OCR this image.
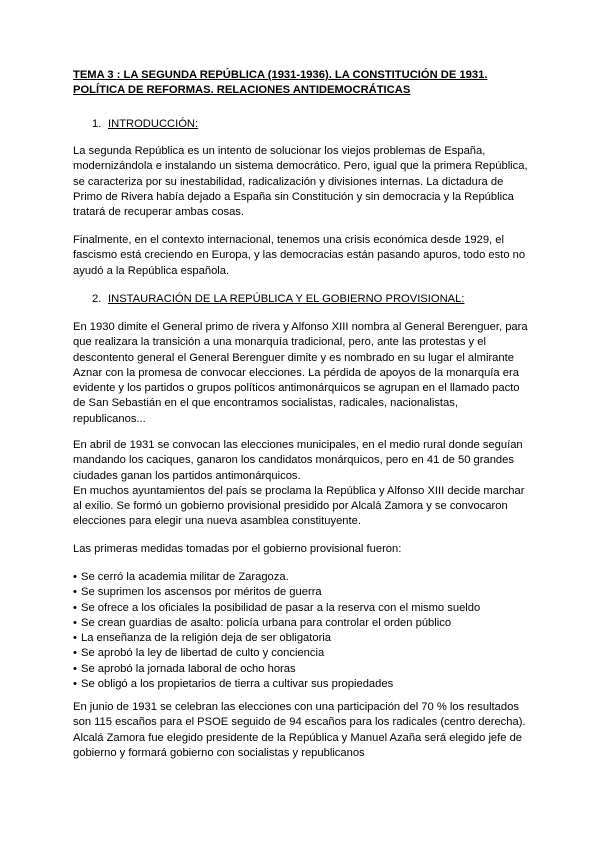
TEMA 3 : LA SEGUNDA REPÚBLICA (1931-1936). LA CONSTITUCIÓN DE 1931.
POLÍTICA DE REFORMAS. RELACIONES ANTIDEMOCRÁTICAS
1. INTRODUCCIÓN:

La segunda República es un intento de solucionar los viejos problemas de España,
modernizándola e instalando un sistema democrático. Pero, igual que la primera República,
se caracteriza por su inestabilidad, radicalización y divisiones internas. La dictadura de
Primo de Rivera había dejado a España sin Constitución y sin democracia y la República
tratará de recuperar ambas cosas.

Finalmente, en el contexto internacional, tenemos una crisis económica desde 1929, el
fascismo está creciendo en Europa, y las democracias están pasando apuros, todo esto no
ayudó a la República española.

2. INSTAURACIÓN DE LA REPÚBLICA Y EL GOBIERNO PROVISIONAL:

En 1930 dimite el General primo de rivera y Alfonso XIII nombra al General Berenguer, para
que realizara la transición a una monarquía tradicional, pero, ante las protestas y el
descontento general el General Berenguer dimite y es nombrado en su lugar el almirante
Aznar con la promesa de convocar elecciones. La pérdida de apoyos de la monarquía era
evidente y los partidos o grupos políticos antimonárquicos se agrupan en el llamado pacto
de San Sebastián en el que encontramos socialistas, radicales, nacionalistas,
republicanos...

En abril de 1931 se convocan las elecciones municipales, en el medio rural donde seguían
mandando los caciques, ganaron los candidatos monárquicos, pero en 41 de 50 grandes
ciudades ganan los partidos antimonárquicos.
En muchos ayuntamientos del país se proclama la República y Alfonso XIII decide marchar
al exilio. Se formó un gobierno provisional presidido por Alcalá Zamora y se convocaron
elecciones para elegir una nueva asamblea constituyente.

Las primeras medidas tomadas por el gobierno provisional fueron:

• Se cerró la academia militar de Zaragoza.
• Se suprimen los ascensos por méritos de guerra
• Se ofrece a los oficiales la posibilidad de pasar a la reserva con el mismo sueldo
• Se crean guardias de asalto: policía urbana para controlar el orden público
• La enseñanza de la religión deja de ser obligatoria
• Se aprobó la ley de libertad de culto y conciencia
• Se aprobó la jornada laboral de ocho horas
• Se obligó a los propietarios de tierra a cultivar sus propiedades

En junio de 1931 se celebran las elecciones con una participación del 70 % los resultados
son 115 escaños para el PSOE seguido de 94 escaños para los radicales (centro derecha).
Alcalá Zamora fue elegido presidente de la República y Manuel Azaña será elegido jefe de
gobierno y formará gobierno con socialistas y republicanos
